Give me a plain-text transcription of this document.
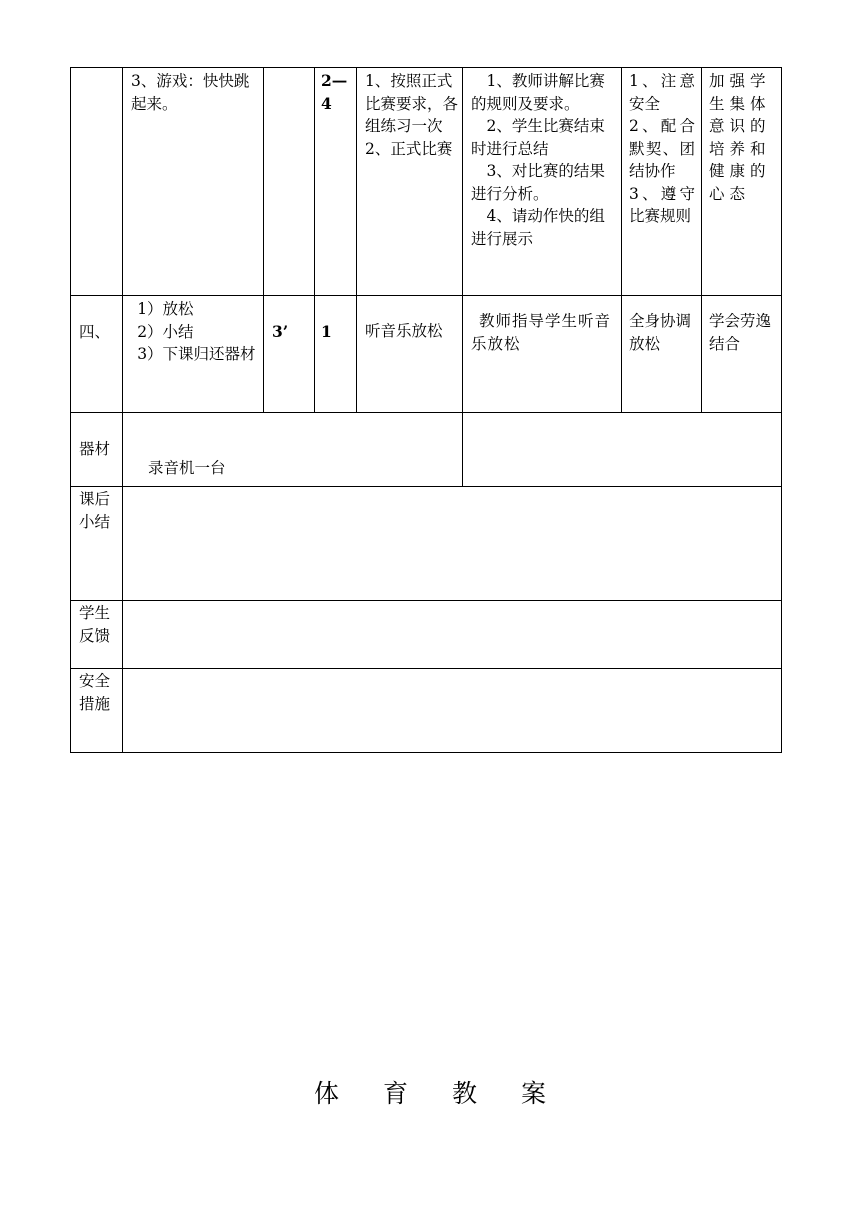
3、游戏：快快跳起来。
2—4
1、按照正式比赛要求，各组练习一次
2、正式比赛
1、教师讲解比赛的规则及要求。
2、学生比赛结束时进行总结
3、对比赛的结果进行分析。
4、请动作快的组进行展示
1、注意安全
2、配合默契、团结协作
3、遵守比赛规则
加强学生集体意识的培养和健康的心态
四、
1）放松
2）小结
3）下课归还器材
3’	1	听音乐放松
教师指导学生听音乐放松
全身协调放松
学会劳逸结合
器材
录音机一台
课后小结
学生反馈
安全措施
体 育 教 案
